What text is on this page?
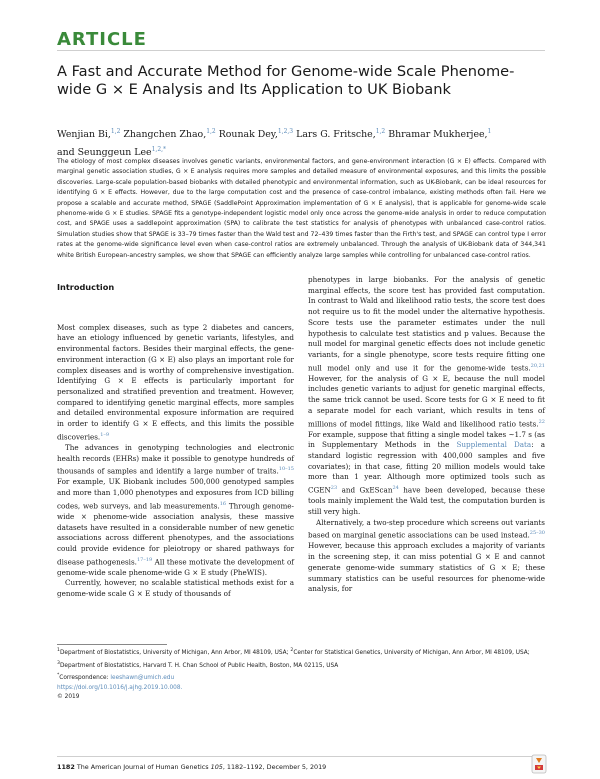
ARTICLE
A Fast and Accurate Method for Genome-wide Scale Phenome-wide G × E Analysis and Its Application to UK Biobank
Wenjian Bi,$^{1,2}$ Zhangchen Zhao,$^{1,2}$ Rounak Dey,$^{1,2,3}$ Lars G. Fritsche,$^{1,2}$ Bhramar Mukherjee,$^1$
and Seunggeun Lee$^{1,2,*}$
The etiology of most complex diseases involves genetic variants, environmental factors, and gene-environment interaction (G × E) effects. Compared with marginal genetic association studies, G × E analysis requires more samples and detailed measure of environmental exposures, and this limits the possible discoveries. Large-scale population-based biobanks with detailed phenotypic and environmental information, such as UK-Biobank, can be ideal resources for identifying G × E effects. However, due to the large computation cost and the presence of case-control imbalance, existing methods often fail. Here we propose a scalable and accurate method, SPAGE (SaddlePoint Approximation implementation of G × E analysis), that is applicable for genome-wide scale phenome-wide G × E studies. SPAGE fits a genotype-independent logistic model only once across the genome-wide analysis in order to reduce computation cost, and SPAGE uses a saddlepoint approximation (SPA) to calibrate the test statistics for analysis of phenotypes with unbalanced case-control ratios. Simulation studies show that SPAGE is 33–79 times faster than the Wald test and 72–439 times faster than the Firth's test, and SPAGE can control type I error rates at the genome-wide significance level even when case-control ratios are extremely unbalanced. Through the analysis of UK-Biobank data of 344,341 white British European-ancestry samples, we show that SPAGE can efficiently analyze large samples while controlling for unbalanced case-control ratios.
Introduction

Most complex diseases, such as type 2 diabetes and cancers, have an etiology influenced by genetic variants, lifestyles, and environmental factors. Besides their marginal effects, the gene-environment interaction (G × E) also plays an important role for complex diseases and is worthy of comprehensive investigation. Identifying G × E effects is particularly important for personalized and stratified prevention and treatment. However, compared to identifying genetic marginal effects, more samples and detailed environmental exposure information are required in order to identify G × E effects, and this limits the possible discoveries.$^{1-9}$

The advances in genotyping technologies and electronic health records (EHRs) make it possible to genotype hundreds of thousands of samples and identify a large number of traits.$^{10-15}$ For example, UK Biobank includes 500,000 genotyped samples and more than 1,000 phenotypes and exposures from ICD billing codes, web surveys, and lab measurements.$^{16}$ Through genome-wide × phenome-wide association analysis, these massive datasets have resulted in a considerable number of new genetic associations across different phenotypes, and the associations could provide evidence for pleiotropy or shared pathways for disease pathogenesis.$^{17-19}$ All these motivate the development of genome-wide scale phenome-wide G × E study (PheWIS).

Currently, however, no scalable statistical methods exist for a genome-wide scale G × E study of thousands of

phenotypes in large biobanks. For the analysis of genetic marginal effects, the score test has provided fast computation. In contrast to Wald and likelihood ratio tests, the score test does not require us to fit the model under the alternative hypothesis. Score tests use the parameter estimates under the null hypothesis to calculate test statistics and p values. Because the null model for marginal genetic effects does not include genetic variants, for a single phenotype, score tests require fitting one null model only and use it for the genome-wide tests.$^{20,21}$ However, for the analysis of G × E, because the null model includes genetic variants to adjust for genetic marginal effects, the same trick cannot be used. Score tests for G × E need to fit a separate model for each variant, which results in tens of millions of model fittings, like Wald and likelihood ratio tests.$^{22}$ For example, suppose that fitting a single model takes ~1.7 s (as in Supplementary Methods in the Supplemental Data: a standard logistic regression with 400,000 samples and five covariates); in that case, fitting 20 million models would take more than 1 year. Although more optimized tools such as CGEN$^{23}$ and GxEScan$^{24}$ have been developed, because these tools mainly implement the Wald test, the computation burden is still very high.

Alternatively, a two-step procedure which screens out variants based on marginal genetic associations can be used instead.$^{25-30}$ However, because this approach excludes a majority of variants in the screening step, it can miss potential G × E and cannot generate genome-wide summary statistics of G × E; these summary statistics can be useful resources for phenome-wide analysis, for

$^1$Department of Biostatistics, University of Michigan, Ann Arbor, MI 48109, USA; $^2$Center for Statistical Genetics, University of Michigan, Ann Arbor, MI 48109, USA; $^3$Department of Biostatistics, Harvard T. H. Chan School of Public Health, Boston, MA 02115, USA
*Correspondence: leeshawn@umich.edu
https://doi.org/10.1016/j.ajhg.2019.10.008.
© 2019
1182 The American Journal of Human Genetics 105, 1182–1192, December 5, 2019
